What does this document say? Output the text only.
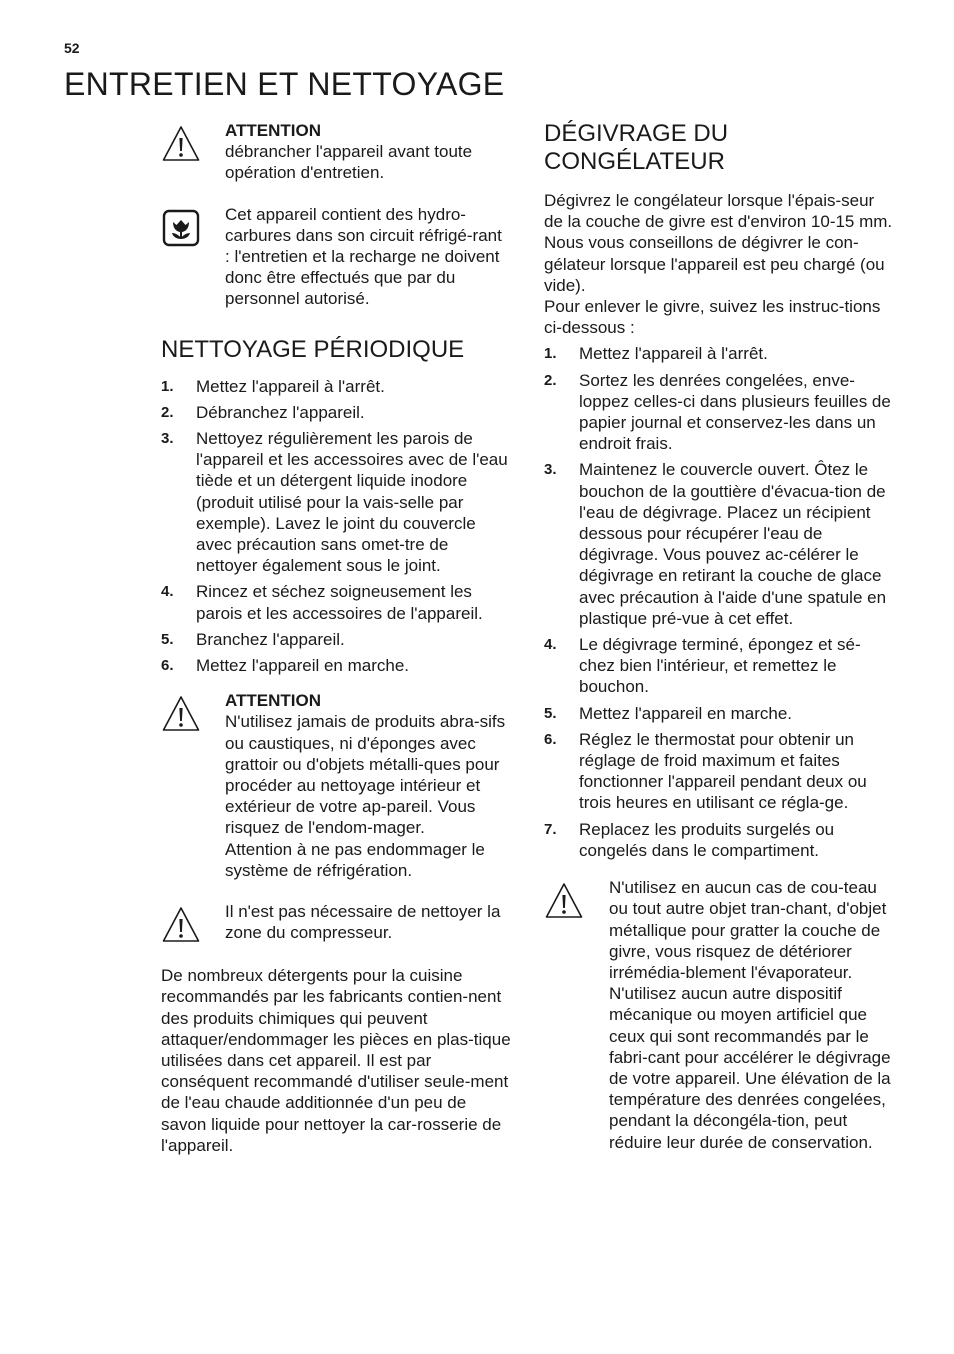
52
ENTRETIEN ET NETTOYAGE
ATTENTION
débrancher l'appareil avant toute opération d'entretien.
Cet appareil contient des hydro-carbures dans son circuit réfrigé-rant : l'entretien et la recharge ne doivent donc être effectués que par du personnel autorisé.
NETTOYAGE PÉRIODIQUE
1.	Mettez l'appareil à l'arrêt.
2.	Débranchez l'appareil.
3.	Nettoyez régulièrement les parois de l'appareil et les accessoires avec de l'eau tiède et un détergent liquide inodore (produit utilisé pour la vais-selle par exemple). Lavez le joint du couvercle avec précaution sans omet-tre de nettoyer également sous le joint.
4.	Rincez et séchez soigneusement les parois et les accessoires de l'appareil.
5.	Branchez l'appareil.
6.	Mettez l'appareil en marche.
ATTENTION
N'utilisez jamais de produits abra-sifs ou caustiques, ni d'éponges avec grattoir ou d'objets métalli-ques pour procéder au nettoyage intérieur et extérieur de votre ap-pareil. Vous risquez de l'endom-mager.
Attention à ne pas endommager le système de réfrigération.
Il n'est pas nécessaire de nettoyer la zone du compresseur.

De nombreux détergents pour la cuisine recommandés par les fabricants contien-nent des produits chimiques qui peuvent attaquer/endommager les pièces en plas-tique utilisées dans cet appareil. Il est par conséquent recommandé d'utiliser seule-ment de l'eau chaude additionnée d'un peu de savon liquide pour nettoyer la car-rosserie de l'appareil.

DÉGIVRAGE DU
CONGÉLATEUR

Dégivrez le congélateur lorsque l'épais-seur de la couche de givre est d'environ 10-15 mm.

Nous vous conseillons de dégivrer le con-gélateur lorsque l'appareil est peu chargé (ou vide).

Pour enlever le givre, suivez les instruc-tions ci-dessous :

1.	Mettez l'appareil à l'arrêt.
2.	Sortez les denrées congelées, enve-loppez celles-ci dans plusieurs feuilles de papier journal et conservez-les dans un endroit frais.
3.	Maintenez le couvercle ouvert. Ôtez le bouchon de la gouttière d'évacua-tion de l'eau de dégivrage. Placez un récipient dessous pour récupérer l'eau de dégivrage. Vous pouvez ac-célérer le dégivrage en retirant la couche de glace avec précaution à l'aide d'une spatule en plastique pré-vue à cet effet.
4.	Le dégivrage terminé, épongez et sé-chez bien l'intérieur, et remettez le bouchon.
5.	Mettez l'appareil en marche.
6.	Réglez le thermostat pour obtenir un réglage de froid maximum et faites fonctionner l'appareil pendant deux ou trois heures en utilisant ce régla-ge.
7.	Replacez les produits surgelés ou congelés dans le compartiment.
N'utilisez en aucun cas de cou-teau ou tout autre objet tran-chant, d'objet métallique pour gratter la couche de givre, vous risquez de détériorer irrémédia-blement l'évaporateur. N'utilisez aucun autre dispositif mécanique ou moyen artificiel que ceux qui sont recommandés par le fabri-cant pour accélérer le dégivrage de votre appareil. Une élévation de la température des denrées congelées, pendant la décongéla-tion, peut réduire leur durée de conservation.
